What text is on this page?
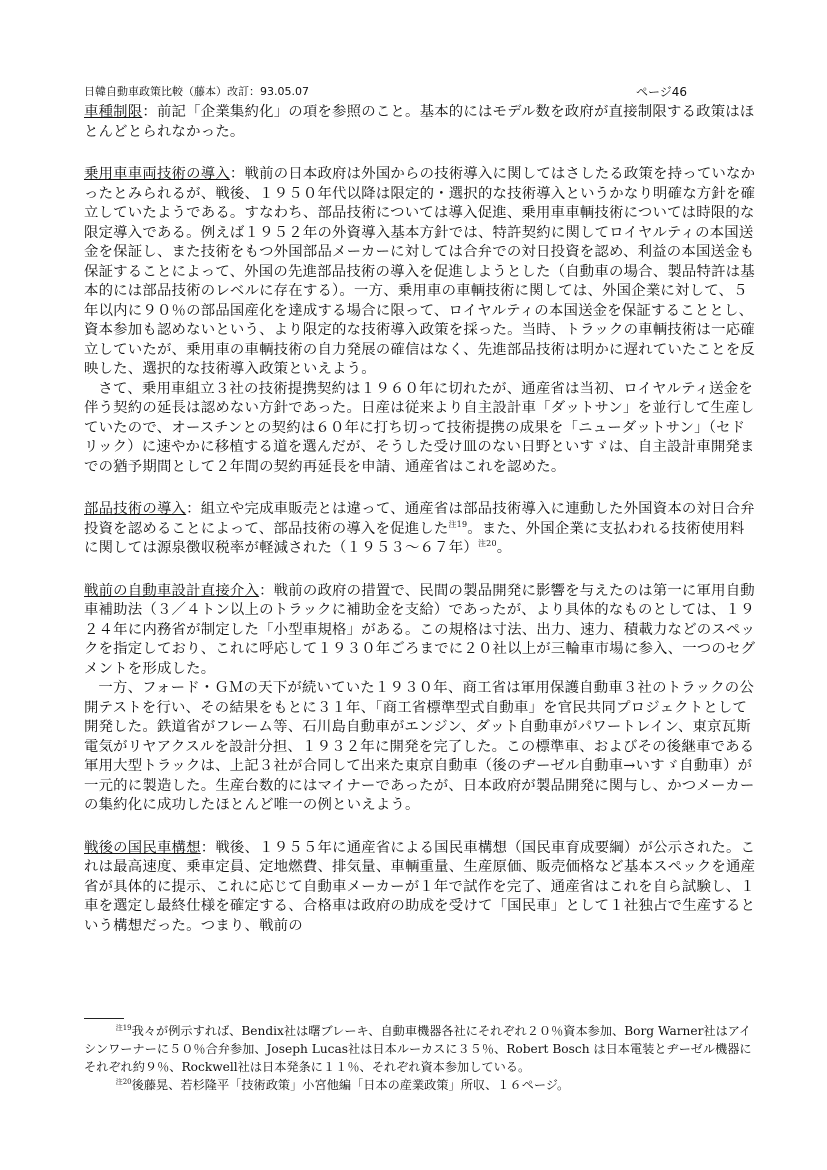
日韓自動車政策比較（藤本）改訂：93.05.07	ページ46

車種制限：前記「企業集約化」の項を参照のこと。基本的にはモデル数を政府が直接制限する政策はほとんどとられなかった。

乗用車車両技術の導入：戦前の日本政府は外国からの技術導入に関してはさしたる政策を持っていなかったとみられるが、戦後、１９５０年代以降は限定的・選択的な技術導入というかなり明確な方針を確立していたようである。すなわち、部品技術については導入促進、乗用車車輌技術については時限的な限定導入である。例えば１９５２年の外資導入基本方針では、特許契約に関してロイヤルティの本国送金を保証し、また技術をもつ外国部品メーカーに対しては合弁での対日投資を認め、利益の本国送金も保証することによって、外国の先進部品技術の導入を促進しようとした（自動車の場合、製品特許は基本的には部品技術のレベルに存在する）。一方、乗用車の車輌技術に関しては、外国企業に対して、５年以内に９０％の部品国産化を達成する場合に限って、ロイヤルティの本国送金を保証することとし、資本参加も認めないという、より限定的な技術導入政策を採った。当時、トラックの車輌技術は一応確立していたが、乗用車の車輌技術の自力発展の確信はなく、先進部品技術は明かに遅れていたことを反映した、選択的な技術導入政策といえよう。

さて、乗用車組立３社の技術提携契約は１９６０年に切れたが、通産省は当初、ロイヤルティ送金を伴う契約の延長は認めない方針であった。日産は従来より自主設計車「ダットサン」を並行して生産していたので、オースチンとの契約は６０年に打ち切って技術提携の成果を「ニューダットサン」（セドリック）に速やかに移植する道を選んだが、そうした受け皿のない日野といすゞは、自主設計車開発までの猶予期間として２年間の契約再延長を申請、通産省はこれを認めた。

部品技術の導入：組立や完成車販売とは違って、通産省は部品技術導入に連動した外国資本の対日合弁投資を認めることによって、部品技術の導入を促進した$^{注19}$。また、外国企業に支払われる技術使用料に関しては源泉徴収税率が軽減された（１９５３～６７年）$^{注20}$。

戦前の自動車設計直接介入：戦前の政府の措置で、民間の製品開発に影響を与えたのは第一に軍用自動車補助法（３／４トン以上のトラックに補助金を支給）であったが、より具体的なものとしては、１９２４年に内務省が制定した「小型車規格」がある。この規格は寸法、出力、速力、積載力などのスペックを指定しており、これに呼応して１９３０年ごろまでに２０社以上が三輪車市場に参入、一つのセグメントを形成した。

一方、フォード・ＧＭの天下が続いていた１９３０年、商工省は軍用保護自動車３社のトラックの公開テストを行い、その結果をもとに３１年、「商工省標準型式自動車」を官民共同プロジェクトとして開発した。鉄道省がフレーム等、石川島自動車がエンジン、ダット自動車がパワートレイン、東京瓦斯電気がリヤアクスルを設計分担、１９３２年に開発を完了した。この標準車、およびその後継車である軍用大型トラックは、上記３社が合同して出来た東京自動車（後のヂーゼル自動車→いすゞ自動車）が一元的に製造した。生産台数的にはマイナーであったが、日本政府が製品開発に関与し、かつメーカーの集約化に成功したほとんど唯一の例といえよう。

戦後の国民車構想：戦後、１９５５年に通産省による国民車構想（国民車育成要綱）が公示された。これは最高速度、乗車定員、定地燃費、排気量、車輌重量、生産原価、販売価格など基本スペックを通産省が具体的に提示、これに応じて自動車メーカーが１年で試作を完了、通産省はこれを自ら試験し、１車を選定し最終仕様を確定する、合格車は政府の助成を受けて「国民車」として１社独占で生産するという構想だった。つまり、戦前の

$^{注19}$我々が例示すれば、Bendix社は曙ブレーキ、自動車機器各社にそれぞれ２０％資本参加、Borg Warner社はアイシンワーナーに５０％合弁参加、Joseph Lucas社は日本ルーカスに３５％、Robert Bosch は日本電装とヂーゼル機器にそれぞれ約９％、Rockwell社は日本発条に１１％、それぞれ資本参加している。

$^{注20}$後藤晃、若杉隆平「技術政策」小宮他編「日本の産業政策」所収、１６ページ。
